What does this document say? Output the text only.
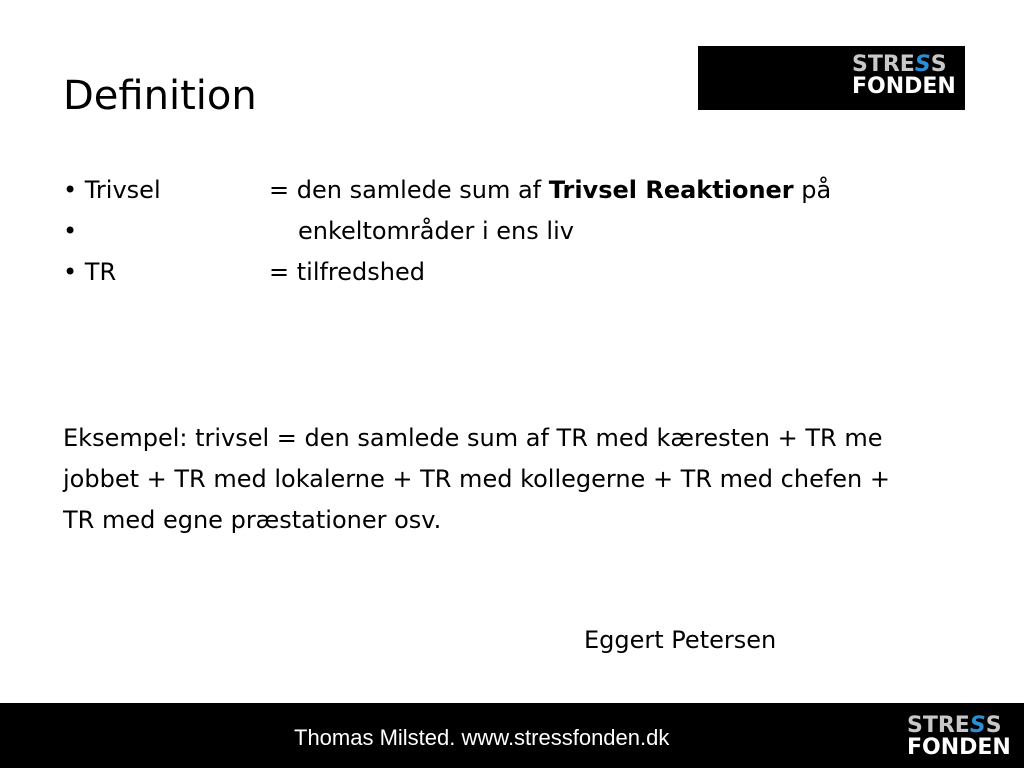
Definition
STRESS
FONDEN
• Trivsel	= den samlede sum af Trivsel Reaktioner på
•	enkeltområder i ens liv
• TR	= tilfredshed
Eksempel: trivsel = den samlede sum af TR med kæresten + TR me
jobbet + TR med lokalerne + TR med kollegerne + TR med chefen +
TR med egne præstationer osv.
Eggert Petersen
Thomas Milsted. www.stressfonden.dk	STRESS
FONDEN
